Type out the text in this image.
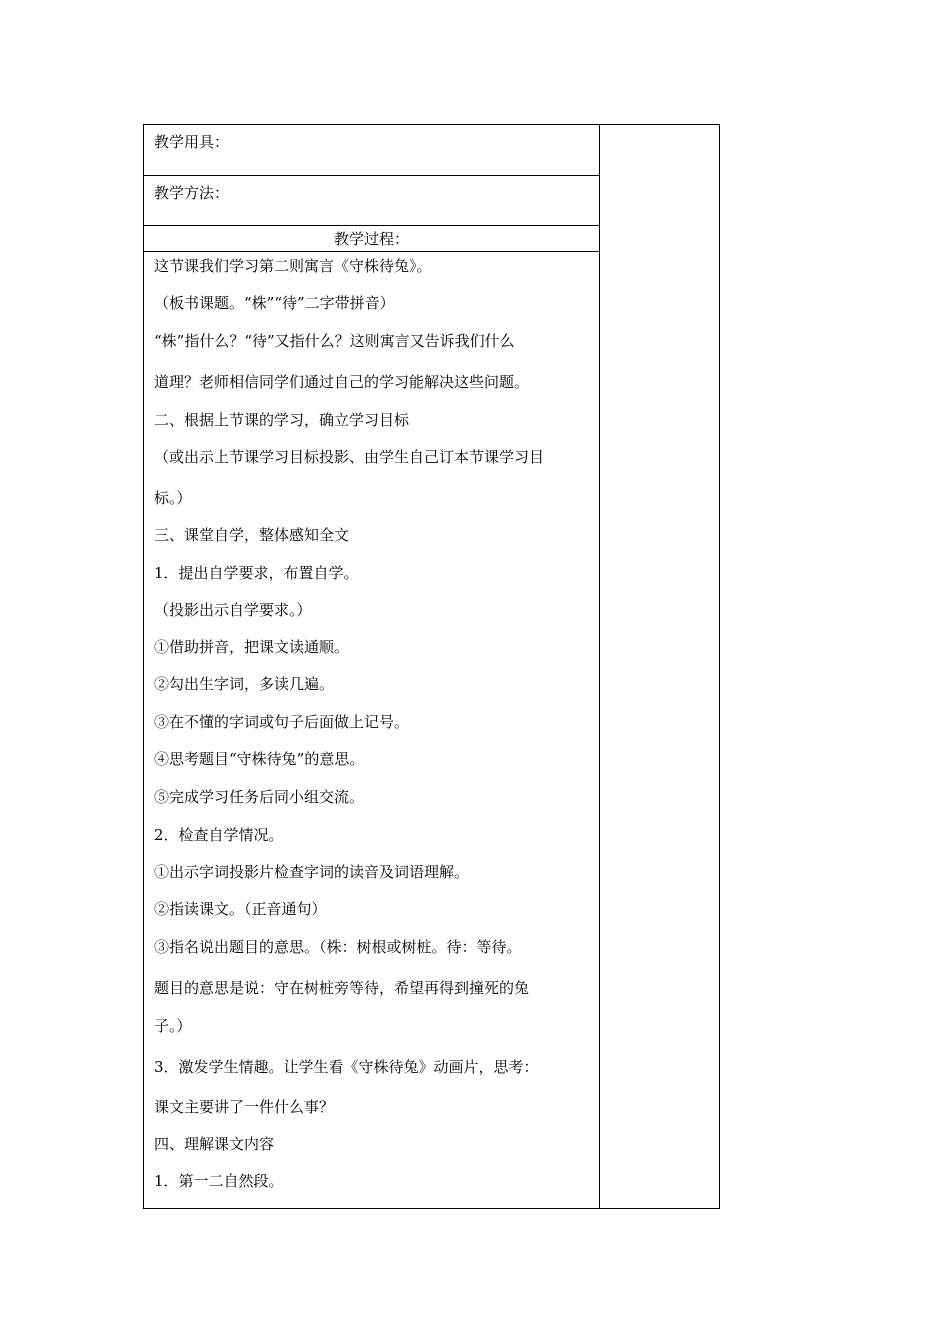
教学用具：
教学方法：
教学过程：
这节课我们学习第二则寓言《守株待兔》。
（板书课题。“株”“待”二字带拼音）
“株”指什么？“待”又指什么？这则寓言又告诉我们什么
道理？老师相信同学们通过自己的学习能解决这些问题。
二、根据上节课的学习，确立学习目标
（或出示上节课学习目标投影、由学生自己订本节课学习目
标。）
三、课堂自学，整体感知全文
1．提出自学要求，布置自学。
（投影出示自学要求。）
①借助拼音，把课文读通顺。
②勾出生字词，多读几遍。
③在不懂的字词或句子后面做上记号。
④思考题目“守株待兔”的意思。
⑤完成学习任务后同小组交流。
2．检查自学情况。
①出示字词投影片检查字词的读音及词语理解。
②指读课文。（正音通句）
③指名说出题目的意思。（株：树根或树桩。待：等待。
题目的意思是说：守在树桩旁等待，希望再得到撞死的兔
子。）
3．激发学生情趣。让学生看《守株待兔》动画片，思考：
课文主要讲了一件什么事？
四、理解课文内容
1．第一二自然段。
